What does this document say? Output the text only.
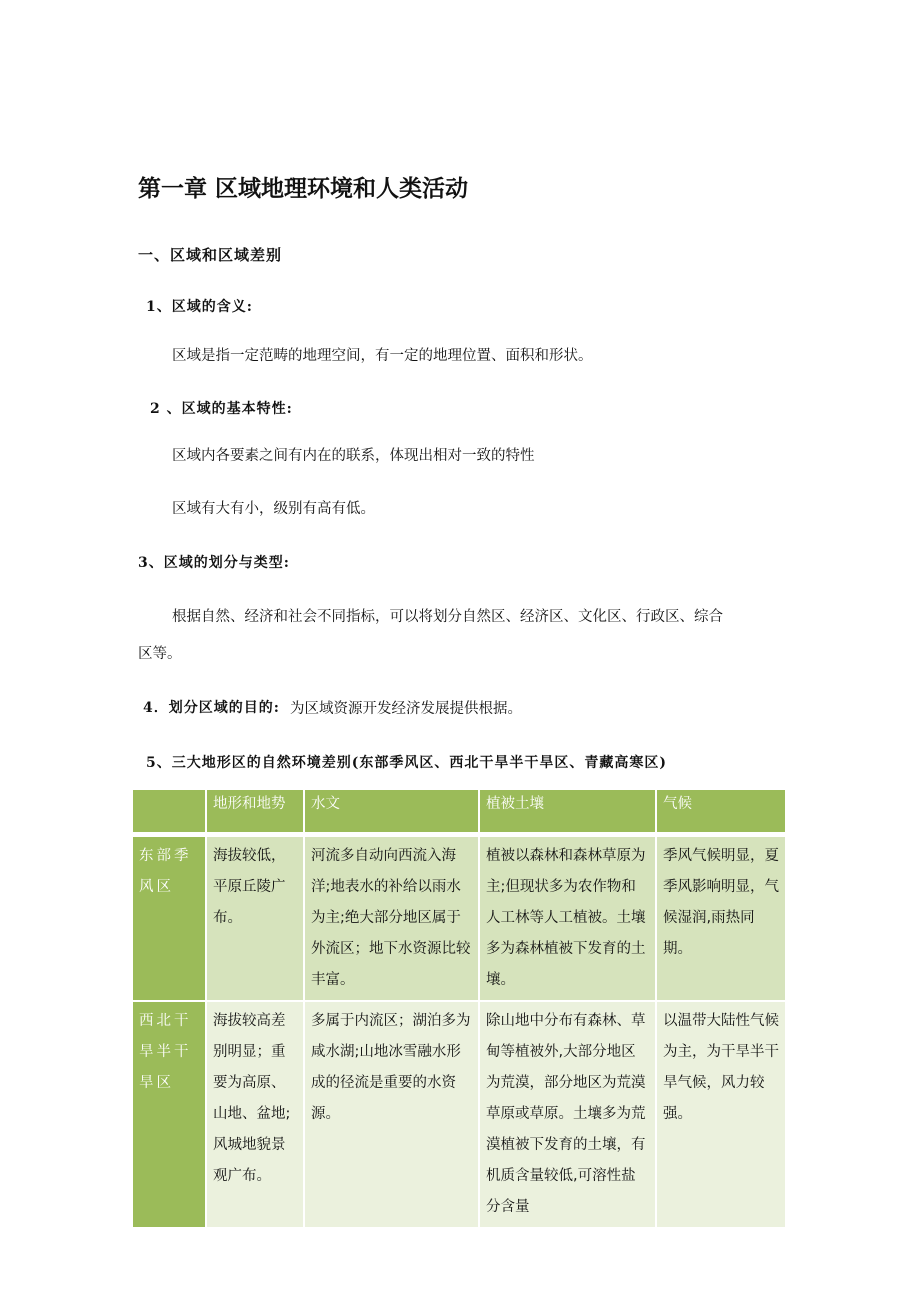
第一章 区域地理环境和人类活动
一、区域和区域差别
1、区域的含义:
区域是指一定范畴的地理空间，有一定的地理位置、面积和形状。
2 、区域的基本特性:
区域内各要素之间有内在的联系，体现出相对一致的特性
区域有大有小，级别有高有低。
3、区域的划分与类型:
根据自然、经济和社会不同指标，可以将划分自然区、经济区、文化区、行政区、综合
区等。
4．划分区域的目的: 为区域资源开发经济发展提供根据。
5、三大地形区的自然环境差别(东部季风区、西北干旱半干旱区、青藏高寒区)
	地形和地势	水文	植被土壤	气候
东部季风区	海拔较低，平原丘陵广布。	河流多自动向西流入海洋;地表水的补给以雨水为主;绝大部分地区属于外流区；地下水资源比较丰富。	植被以森林和森林草原为主;但现状多为农作物和人工林等人工植被。土壤多为森林植被下发育的土壤。	季风气候明显，夏季风影响明显，气候湿润,雨热同期。
西北干旱半干旱区	海拔较高差别明显；重要为高原、山地、盆地;风城地貌景观广布。	多属于内流区；湖泊多为咸水湖;山地冰雪融水形成的径流是重要的水资源。	除山地中分布有森林、草甸等植被外,大部分地区为荒漠，部分地区为荒漠草原或草原。土壤多为荒漠植被下发育的土壤，有机质含量较低,可溶性盐分含量	以温带大陆性气候为主，为干旱半干旱气候，风力较强。
